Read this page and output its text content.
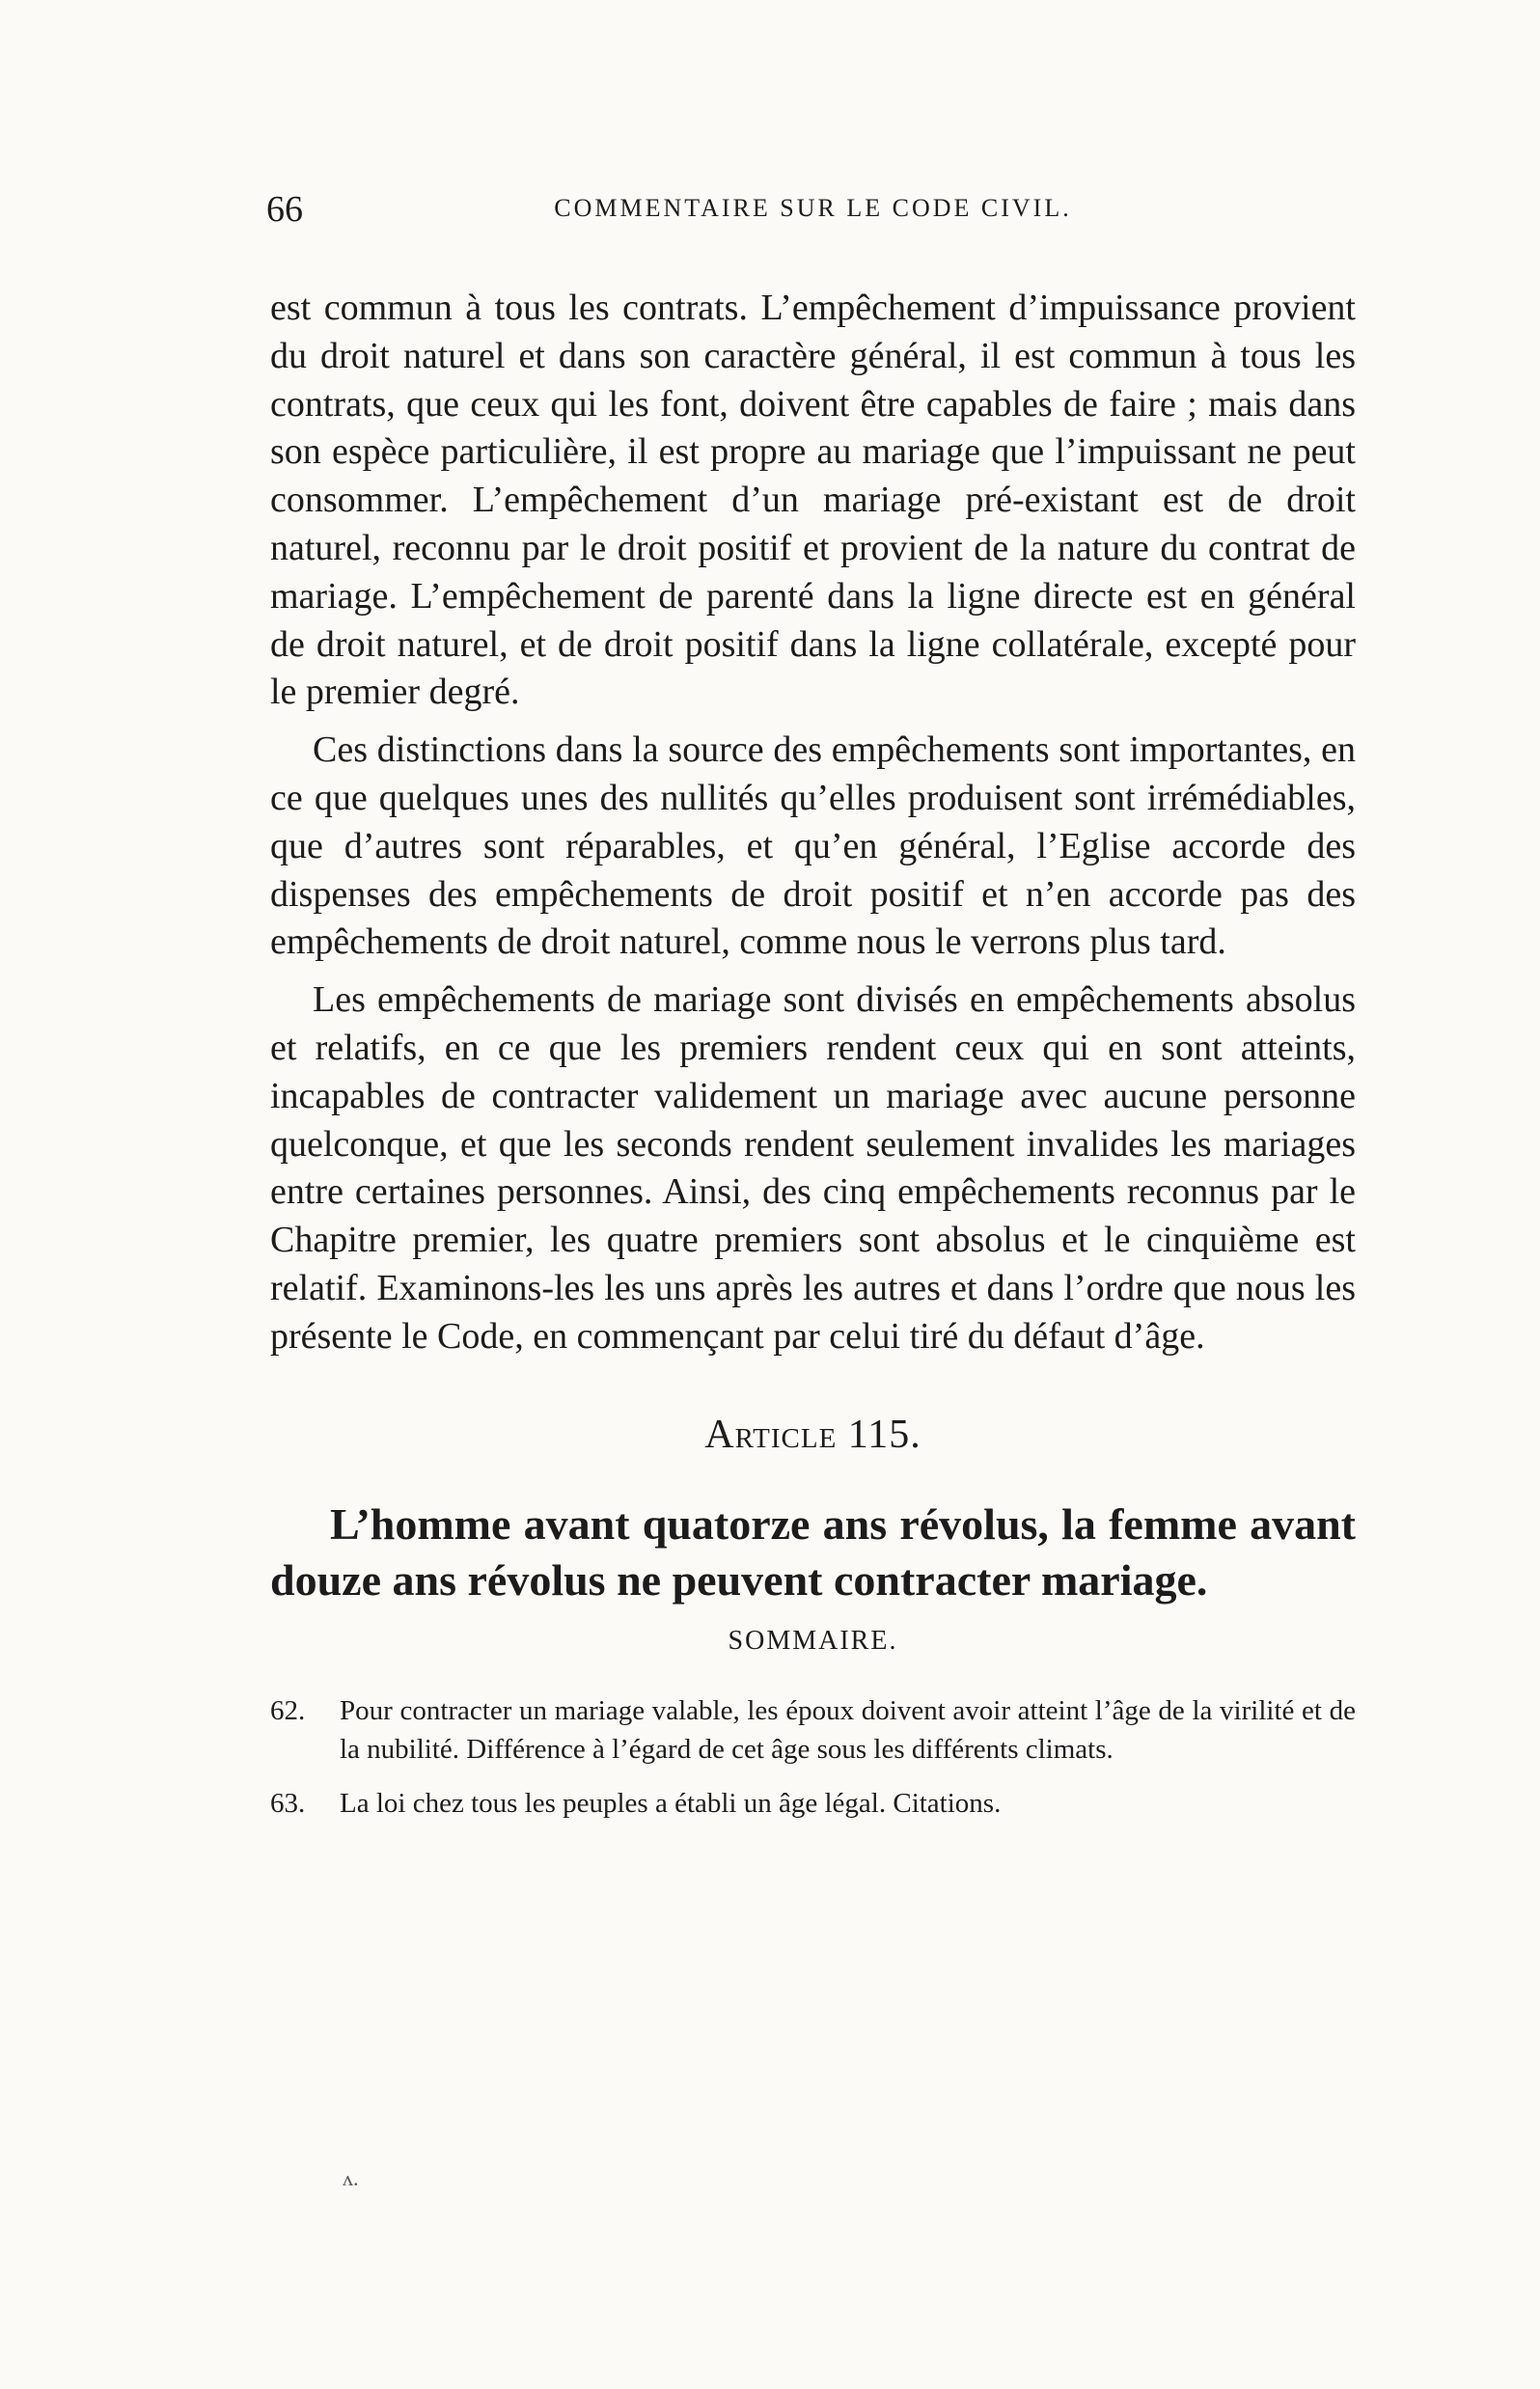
66	COMMENTAIRE SUR LE CODE CIVIL.

est commun à tous les contrats. L’empêchement d’impuissance provient du droit naturel et dans son caractère général, il est commun à tous les contrats, que ceux qui les font, doivent être capables de faire ; mais dans son espèce particulière, il est propre au mariage que l’impuissant ne peut consommer. L’empêchement d’un mariage pré-existant est de droit naturel, reconnu par le droit positif et provient de la nature du contrat de mariage. L’empêchement de parenté dans la ligne directe est en général de droit naturel, et de droit positif dans la ligne collatérale, excepté pour le premier degré.

Ces distinctions dans la source des empêchements sont importantes, en ce que quelques unes des nullités qu’elles produisent sont irrémédiables, que d’autres sont réparables, et qu’en général, l’Eglise accorde des dispenses des empêchements de droit positif et n’en accorde pas des empêchements de droit naturel, comme nous le verrons plus tard.

Les empêchements de mariage sont divisés en empêchements absolus et relatifs, en ce que les premiers rendent ceux qui en sont atteints, incapables de contracter validement un mariage avec aucune personne quelconque, et que les seconds rendent seulement invalides les mariages entre certaines personnes. Ainsi, des cinq empêchements reconnus par le Chapitre premier, les quatre premiers sont absolus et le cinquième est relatif. Examinons-les les uns après les autres et dans l’ordre que nous les présente le Code, en commençant par celui tiré du défaut d’âge.

Article 115.

L’homme avant quatorze ans révolus, la femme avant douze ans révolus ne peuvent contracter mariage.

SOMMAIRE.

62. Pour contracter un mariage valable, les époux doivent avoir atteint l’âge de la virilité et de la nubilité. Différence à l’égard de cet âge sous les différents climats.

63. La loi chez tous les peuples a établi un âge légal. Citations.

ʌ.
